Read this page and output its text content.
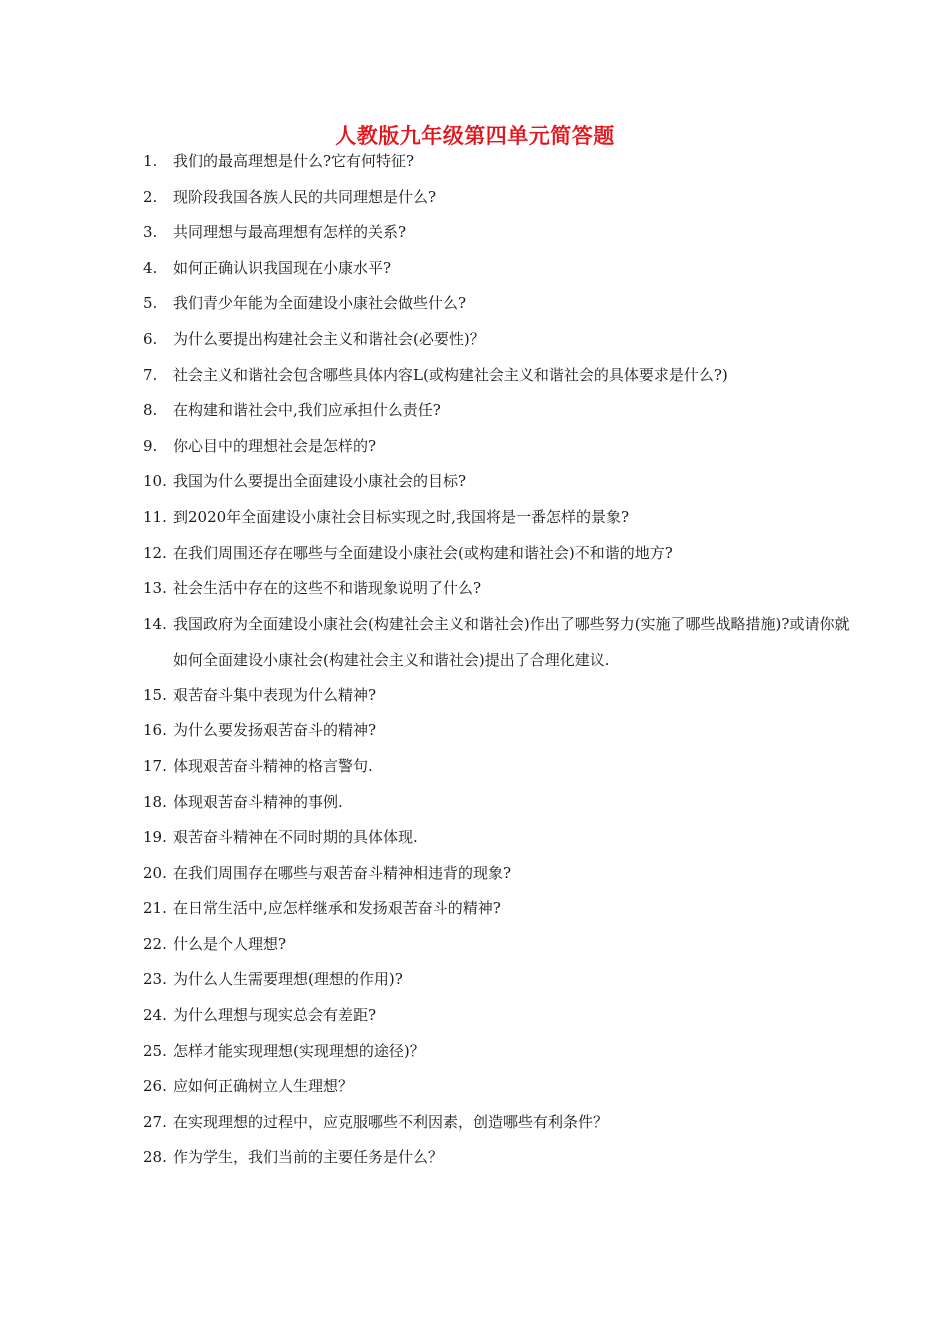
人教版九年级第四单元简答题
1.	我们的最高理想是什么?它有何特征?
2.	现阶段我国各族人民的共同理想是什么?
3.	共同理想与最高理想有怎样的关系?
4.	如何正确认识我国现在小康水平?
5.	我们青少年能为全面建设小康社会做些什么?
6.	为什么要提出构建社会主义和谐社会(必要性)？
7.	社会主义和谐社会包含哪些具体内容L(或构建社会主义和谐社会的具体要求是什么?)
8.	在构建和谐社会中,我们应承担什么责任?
9.	你心目中的理想社会是怎样的?
10. 我国为什么要提出全面建设小康社会的目标?
11. 到2020年全面建设小康社会目标实现之时,我国将是一番怎样的景象?
12. 在我们周围还存在哪些与全面建设小康社会(或构建和谐社会)不和谐的地方?
13. 社会生活中存在的这些不和谐现象说明了什么?
14. 我国政府为全面建设小康社会(构建社会主义和谐社会)作出了哪些努力(实施了哪些战略措施)?或请你就如何全面建设小康社会(构建社会主义和谐社会)提出了合理化建议.
15. 艰苦奋斗集中表现为什么精神?
16. 为什么要发扬艰苦奋斗的精神?
17. 体现艰苦奋斗精神的格言警句.
18. 体现艰苦奋斗精神的事例.
19. 艰苦奋斗精神在不同时期的具体体现.
20. 在我们周围存在哪些与艰苦奋斗精神相违背的现象?
21. 在日常生活中,应怎样继承和发扬艰苦奋斗的精神?
22. 什么是个人理想?
23. 为什么人生需要理想(理想的作用)?
24. 为什么理想与现实总会有差距?
25. 怎样才能实现理想(实现理想的途径)？
26. 应如何正确树立人生理想？
27. 在实现理想的过程中，应克服哪些不利因素，创造哪些有利条件？
28. 作为学生，我们当前的主要任务是什么？
